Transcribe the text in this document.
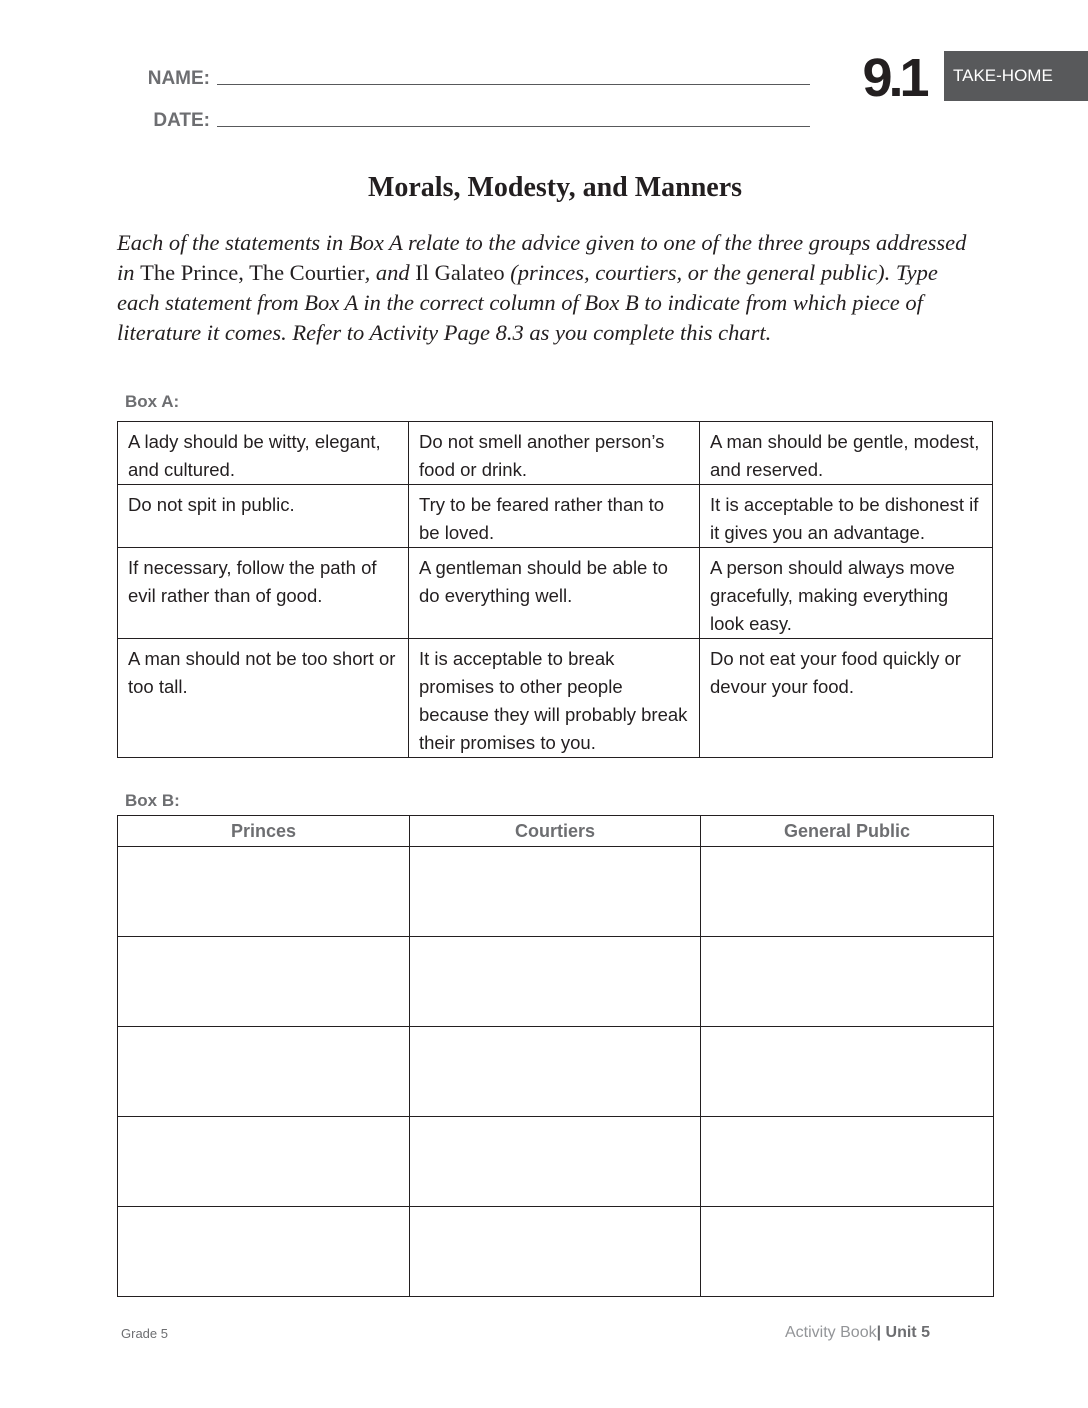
NAME:
DATE:
9.1	TAKE-HOME
Morals, Modesty, and Manners
Each of the statements in Box A relate to the advice given to one of the three groups addressed in The Prince, The Courtier, and Il Galateo (princes, courtiers, or the general public). Type each statement from Box A in the correct column of Box B to indicate from which piece of literature it comes. Refer to Activity Page 8.3 as you complete this chart.
Box A:
A lady should be witty, elegant, and cultured.	Do not smell another person’s food or drink.	A man should be gentle, modest, and reserved.
Do not spit in public.	Try to be feared rather than to be loved.	It is acceptable to be dishonest if it gives you an advantage.
If necessary, follow the path of evil rather than of good.	A gentleman should be able to do everything well.	A person should always move gracefully, making everything look easy.
A man should not be too short or too tall.	It is acceptable to break promises to other people because they will probably break their promises to you.	Do not eat your food quickly or devour your food.
Box B:
Princes	Courtiers	General Public

Grade 5	Activity Book| Unit 5
